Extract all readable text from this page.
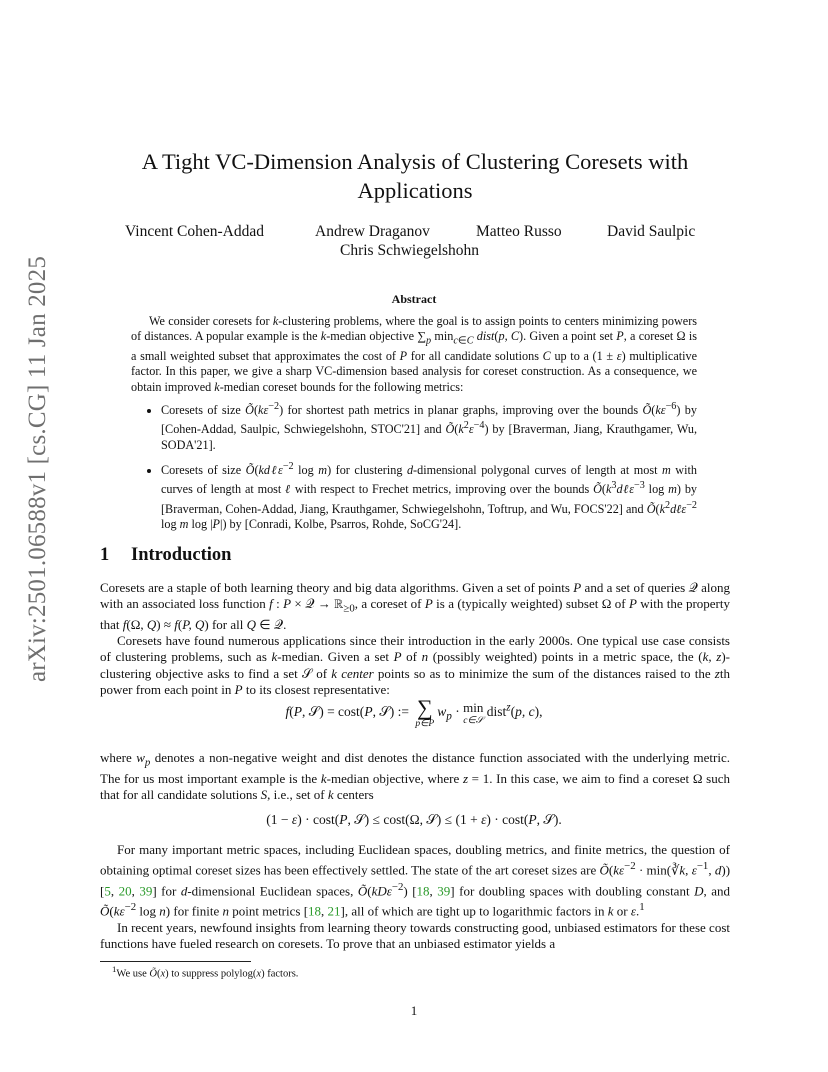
arXiv:2501.06588v1 [cs.CG] 11 Jan 2025
A Tight VC-Dimension Analysis of Clustering Coresets with
Applications
Vincent Cohen-Addad	Andrew Draganov	Matteo Russo	David Saulpic
Chris Schwiegelshohn
Abstract

We consider coresets for k-clustering problems, where the goal is to assign points to centers minimizing powers of distances. A popular example is the k-median objective $\sum_p$ $\min_{c\in C}$ dist(p, C). Given a point set P, a coreset Ω is a small weighted subset that approximates the cost of P for all candidate solutions C up to a (1 ± ε) multiplicative factor. In this paper, we give a sharp VC-dimension based analysis for coreset construction. As a consequence, we obtain improved k-median coreset bounds for the following metrics:

• Coresets of size $Õ(k\varepsilon^{-2})$ for shortest path metrics in planar graphs, improving over the bounds $Õ(k\varepsilon^{-6})$ by [Cohen-Addad, Saulpic, Schwiegelshohn, STOC'21] and $Õ(k^2\varepsilon^{-4})$ by [Braverman, Jiang, Krauthgamer, Wu, SODA'21].
• Coresets of size Õ(kdℓε$^{-2}$ log m) for clustering d-dimensional polygonal curves of length at most m with curves of length at most ℓ with respect to Frechet metrics, improving over the bounds $Õ(k^3d\ell\varepsilon^{-3}$ log m) by [Braverman, Cohen-Addad, Jiang, Krauthgamer, Schwiegelshohn, Toftrup, and Wu, FOCS'22] and $Õ(k^2d\ell\varepsilon^{-2}$ log m log |P|) by [Conradi, Kolbe, Psarros, Rohde, SoCG'24].
1 Introduction

Coresets are a staple of both learning theory and big data algorithms. Given a set of points P and a set of queries 𝒬 along with an associated loss function f : P × 𝒬 → ℝ$_{\ge 0}$, a coreset of P is a (typically weighted) subset Ω of P with the property that f(Ω, Q) ≈ f(P, Q) for all Q ∈ 𝒬.

Coresets have found numerous applications since their introduction in the early 2000s. One typical use case consists of clustering problems, such as k-median. Given a set P of n (possibly weighted) points in a metric space, the (k, z)-clustering objective asks to find a set 𝒮 of k center points so as to minimize the sum of the distances raised to the zth power from each point in P to its closest representative:

f(P, 𝒮) = cost(P, 𝒮) := ∑
p∈P
$w_p \cdot \min$
c∈𝒮
dist$^z$(p, c),

where $w_p$ denotes a non-negative weight and dist denotes the distance function associated with the underlying metric. The for us most important example is the k-median objective, where z = 1. In this case, we aim to find a coreset Ω such that for all candidate solutions S, i.e., set of k centers

(1 − ε) · cost(P, 𝒮) ≤ cost(Ω, 𝒮) ≤ (1 + ε) · cost(P, 𝒮).

For many important metric spaces, including Euclidean spaces, doubling metrics, and finite metrics, the question of obtaining optimal coreset sizes has been effectively settled. The state of the art coreset sizes are $Õ(k\varepsilon^{-2}$ · min(∛k, $\varepsilon^{-1}$, d)) [5, 20, 39] for d-dimensional Euclidean spaces, Õ(kDε$^{-2}$) [18, 39] for doubling spaces with doubling constant D, and $Õ(k\varepsilon^{-2}$ log n) for finite n point metrics [18, 21], all of which are tight up to logarithmic factors in k or ε.$^1$

In recent years, newfound insights from learning theory towards constructing good, unbiased estimators for these cost functions have fueled research on coresets. To prove that an unbiased estimator yields a

$^1$We use Õ(x) to suppress polylog(x) factors.
1
